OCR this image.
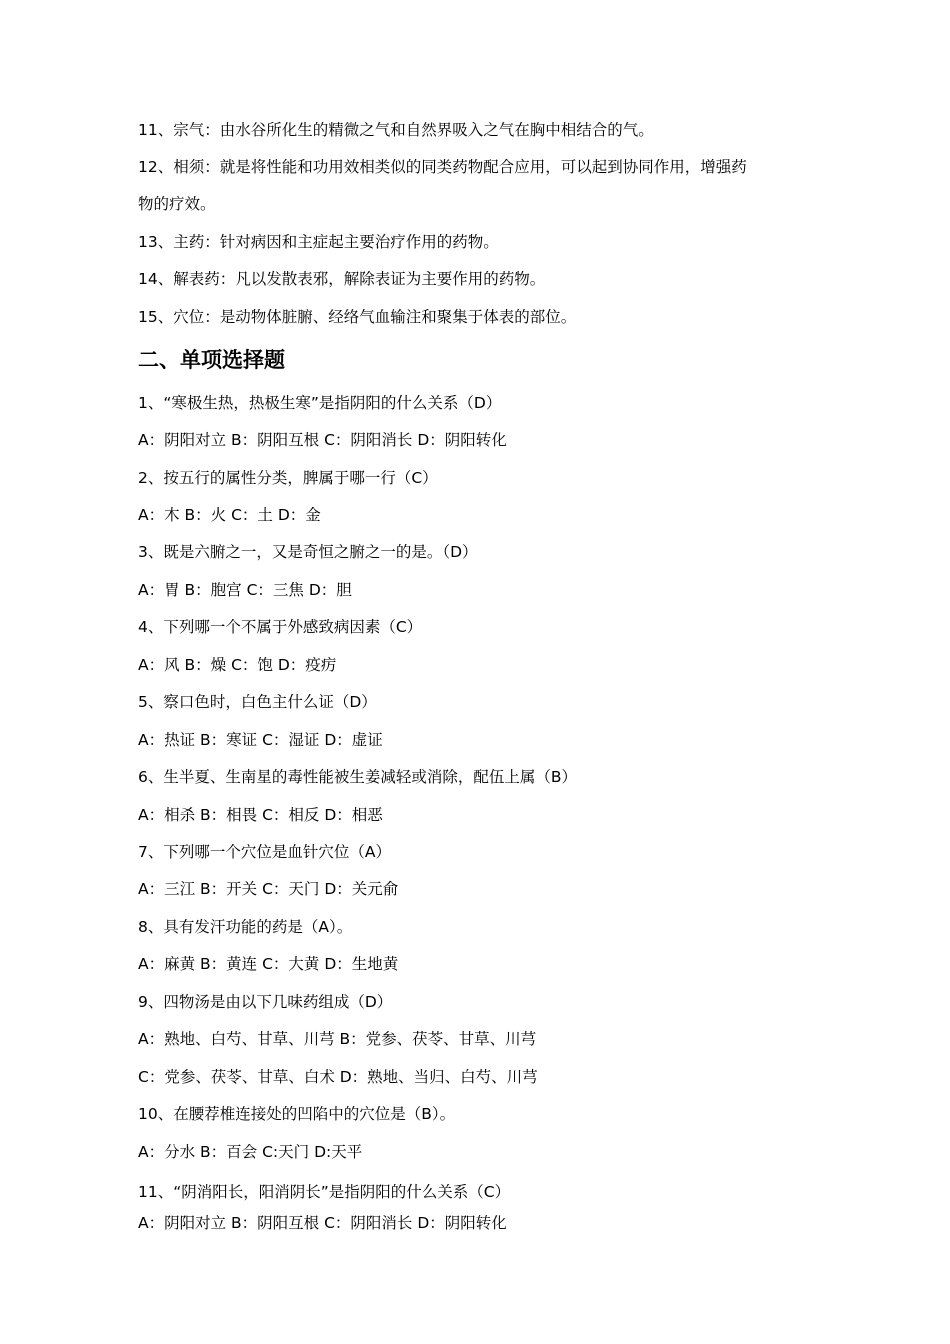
11、宗气：由水谷所化生的精微之气和自然界吸入之气在胸中相结合的气。
12、相须：就是将性能和功用效相类似的同类药物配合应用，可以起到协同作用，增强药
物的疗效。
13、主药：针对病因和主症起主要治疗作用的药物。
14、解表药：凡以发散表邪，解除表证为主要作用的药物。
15、穴位：是动物体脏腑、经络气血输注和聚集于体表的部位。
二、单项选择题
1、“寒极生热，热极生寒”是指阴阳的什么关系（D）
A：阴阳对立 B：阴阳互根 C：阴阳消长 D：阴阳转化
2、按五行的属性分类，脾属于哪一行（C）
A：木 B：火 C：土 D：金
3、既是六腑之一，又是奇恒之腑之一的是。（D）
A：胃 B：胞宫 C：三焦 D：胆
4、下列哪一个不属于外感致病因素（C）
A：风 B：燥 C：饱 D：疫疠
5、察口色时，白色主什么证（D）
A：热证 B：寒证 C：湿证 D：虚证
6、生半夏、生南星的毒性能被生姜减轻或消除，配伍上属（B）
A：相杀 B：相畏 C：相反 D：相恶
7、下列哪一个穴位是血针穴位（A）
A：三江 B：开关 C：天门 D：关元俞
8、具有发汗功能的药是（A）。
A：麻黄 B：黄连 C：大黄 D：生地黄
9、四物汤是由以下几味药组成（D）
A：熟地、白芍、甘草、川芎 B：党参、茯苓、甘草、川芎
C：党参、茯苓、甘草、白术 D：熟地、当归、白芍、川芎
10、在腰荐椎连接处的凹陷中的穴位是（B）。
A：分水 B：百会 C:天门 D:天平
11、“阴消阳长，阳消阴长”是指阴阳的什么关系（C）
A：阴阳对立 B：阴阳互根 C：阴阳消长 D：阴阳转化
